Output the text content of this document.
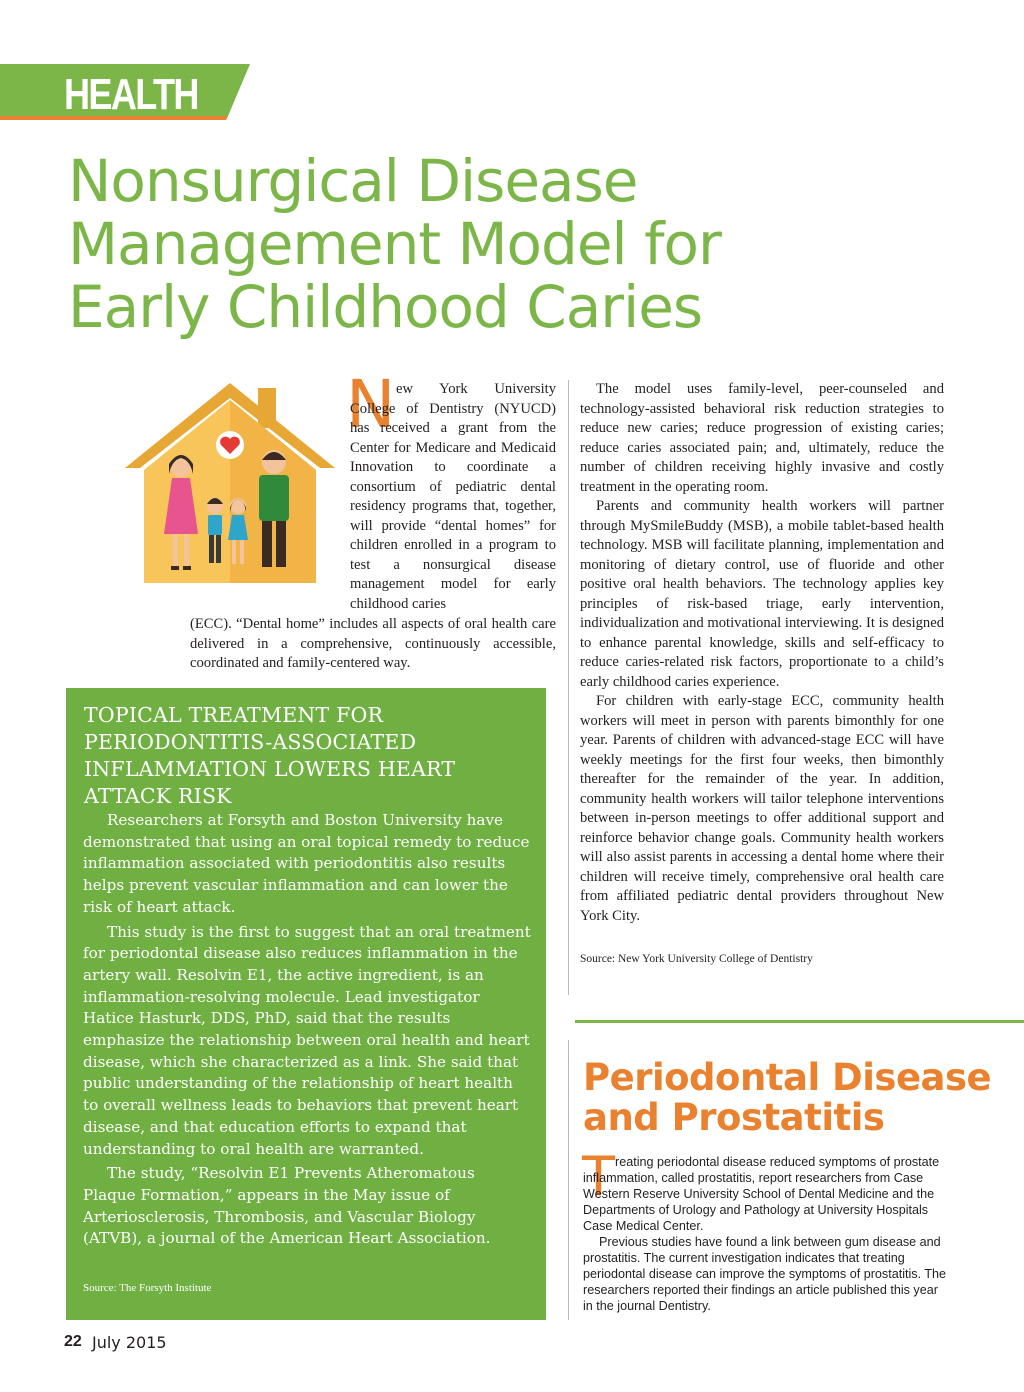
HEALTH
Nonsurgical Disease
Management Model for
Early Childhood Caries
N ew York University College of Dentistry (NYUCD) has received a grant from the Center for Medicare and Medicaid Innovation to coordinate a consortium of pediatric dental residency programs that, together, will provide “dental homes” for children enrolled in a program to test a nonsurgical disease management model for early childhood caries

(ECC). “Dental home” includes all aspects of oral health care delivered in a comprehensive, continuously accessible, coordinated and family-centered way.

TOPICAL TREATMENT FOR PERIODONTITIS-ASSOCIATED INFLAMMATION LOWERS HEART ATTACK RISK

Researchers at Forsyth and Boston University have demonstrated that using an oral topical remedy to reduce inflammation associated with periodontitis also results helps prevent vascular inflammation and can lower the risk of heart attack.

This study is the first to suggest that an oral treatment for periodontal disease also reduces inflammation in the artery wall. Resolvin E1, the active ingredient, is an inflammation-resolving molecule. Lead investigator Hatice Hasturk, DDS, PhD, said that the results emphasize the relationship between oral health and heart disease, which she characterized as a link. She said that public understanding of the relationship of heart health to overall wellness leads to behaviors that prevent heart disease, and that education efforts to expand that understanding to oral health are warranted.

The study, “Resolvin E1 Prevents Atheromatous Plaque Formation,” appears in the May issue of Arteriosclerosis, Thrombosis, and Vascular Biology (ATVB), a journal of the American Heart Association.

Source: The Forsyth Institute

22 July 2015

The model uses family-level, peer-counseled and technology-assisted behavioral risk reduction strategies to reduce new caries; reduce progression of existing caries; reduce caries associated pain; and, ultimately, reduce the number of children receiving highly invasive and costly treatment in the operating room.

Parents and community health workers will partner through MySmileBuddy (MSB), a mobile tablet-based health technology. MSB will facilitate planning, implementation and monitoring of dietary control, use of fluoride and other positive oral health behaviors. The technology applies key principles of risk-based triage, early intervention, individualization and motivational interviewing. It is designed to enhance parental knowledge, skills and self-efficacy to reduce caries-related risk factors, proportionate to a child’s early childhood caries experience.

For children with early-stage ECC, community health workers will meet in person with parents bimonthly for one year. Parents of children with advanced-stage ECC will have weekly meetings for the first four weeks, then bimonthly thereafter for the remainder of the year. In addition, community health workers will tailor telephone interventions between in-person meetings to offer additional support and reinforce behavior change goals. Community health workers will also assist parents in accessing a dental home where their children will receive timely, comprehensive oral health care from affiliated pediatric dental providers throughout New York City.

Source: New York University College of Dentistry

Periodontal Disease
and Prostatitis
T reating periodontal disease reduced symptoms of prostate inflammation, called prostatitis, report researchers from Case Western Reserve University School of Dental Medicine and the Departments of Urology and Pathology at University Hospitals Case Medical Center.

Previous studies have found a link between gum disease and prostatitis. The current investigation indicates that treating periodontal disease can improve the symptoms of prostatitis. The researchers reported their findings an article published this year in the journal Dentistry.
